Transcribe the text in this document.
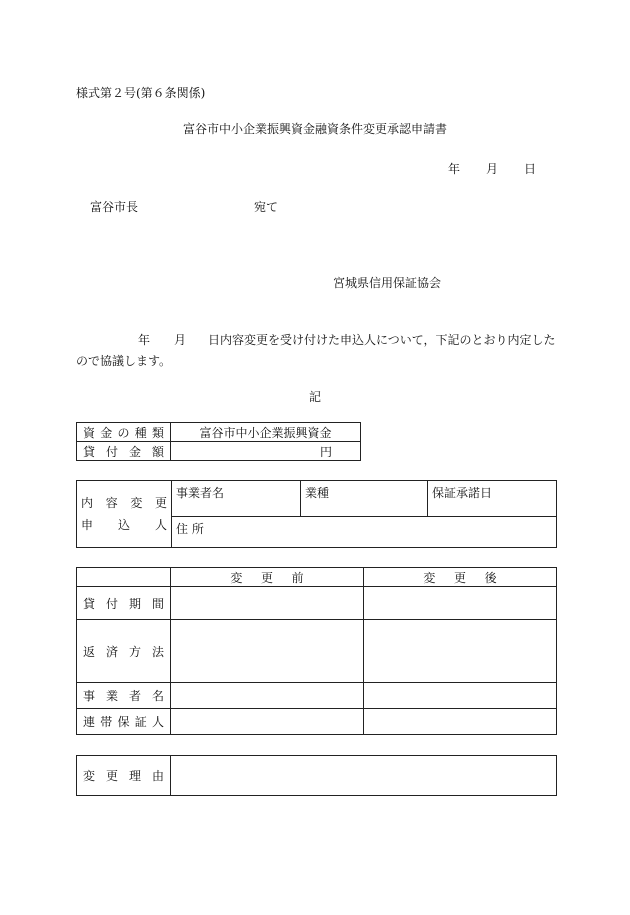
様式第２号(第６条関係)
富谷市中小企業振興資金融資条件変更承認申請書
年 月 日
富谷市長	宛て
宮城県信用保証協会
年 月 日内容変更を受け付けた申込人について，下記のとおり内定したので協議します。
記
資 金 の 種 類	富谷市中小企業振興資金

貸 付 金 額	円
内 容 変 更
申 込 人
	事業者名	業種	保証承諾日
住 所

	変 更 前	変 更 後

貸 付 期 間		

返 済 方 法		

事 業 者 名		

連 帯 保 証 人		

変 更 理 由
